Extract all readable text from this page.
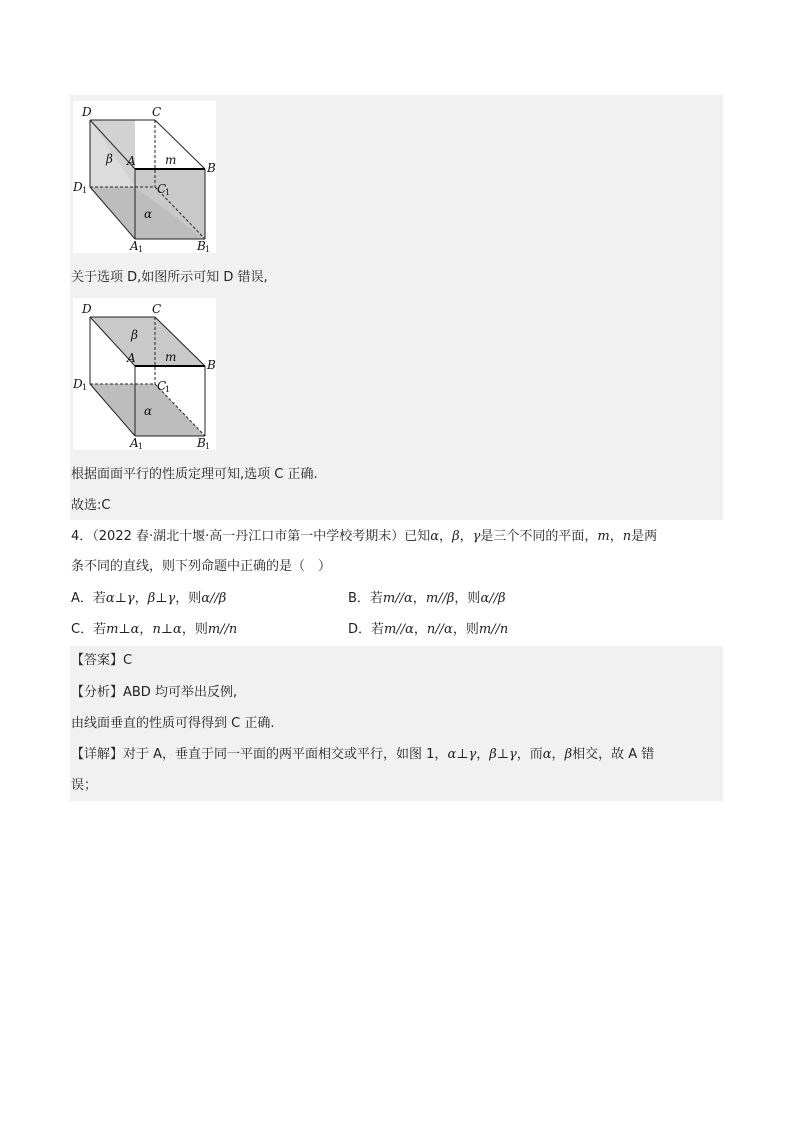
D	C
A	B
D 1	C
1
A 1	B 1
β
α
m
关于选项 D,如图所示可知 D 错误,
D	C
A	B
D 1	C
1
A 1	B 1
β
α
m
根据面面平行的性质定理可知,选项 C 正确.
故选:C
4．（2022 春·湖北十堰·高一丹江口市第一中学校考期末）已知α，β，γ是三个不同的平面，m，n是两
条不同的直线，则下列命题中正确的是（　）
A．若α⊥γ，β⊥γ，则α//β	B．若m//α，m//β，则α//β
C．若m⊥α，n⊥α，则m//n	D．若m//α，n//α，则m//n
【答案】C
【分析】ABD 均可举出反例,
由线面垂直的性质可得得到 C 正确.
【详解】对于 A，垂直于同一平面的两平面相交或平行，如图 1，α⊥γ，β⊥γ，而α，β相交，故 A 错
误；
